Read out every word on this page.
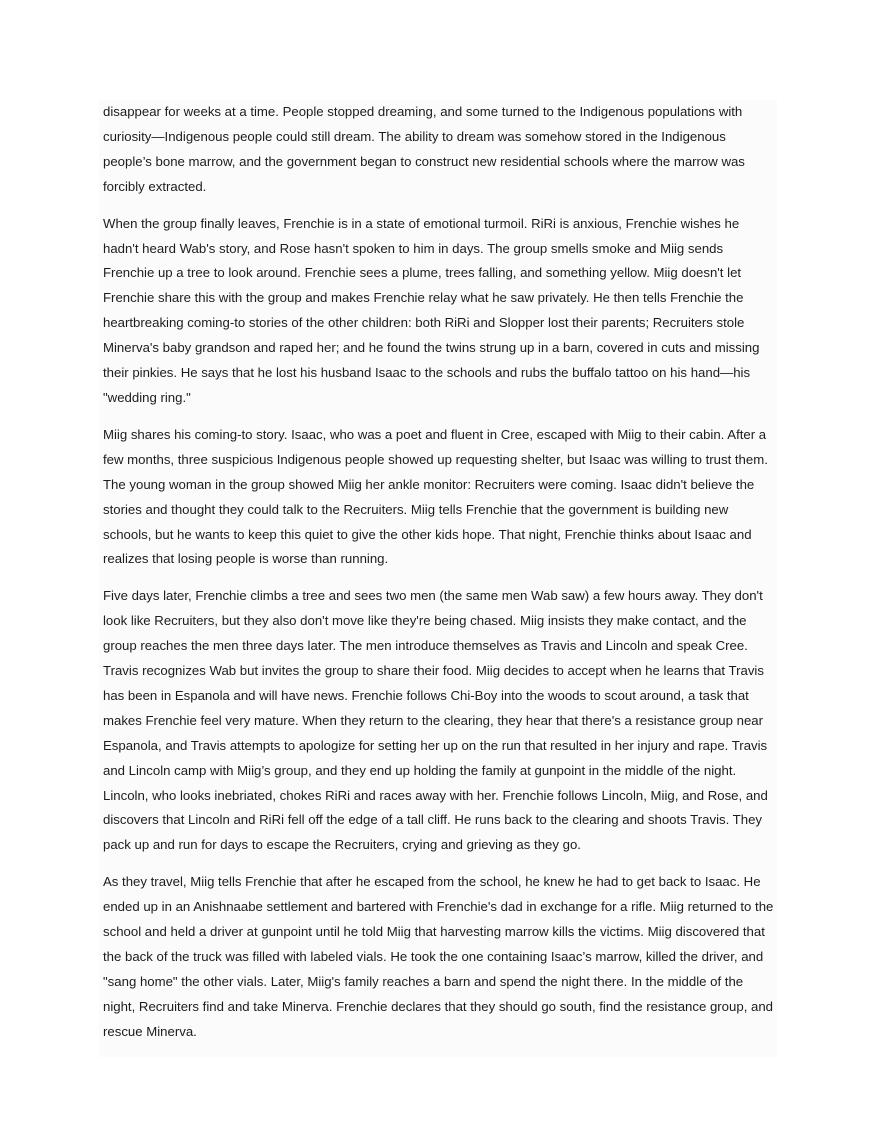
disappear for weeks at a time. People stopped dreaming, and some turned to the Indigenous populations with curiosity—Indigenous people could still dream. The ability to dream was somehow stored in the Indigenous people’s bone marrow, and the government began to construct new residential schools where the marrow was forcibly extracted.

When the group finally leaves, Frenchie is in a state of emotional turmoil. RiRi is anxious, Frenchie wishes he hadn't heard Wab's story, and Rose hasn't spoken to him in days. The group smells smoke and Miig sends Frenchie up a tree to look around. Frenchie sees a plume, trees falling, and something yellow. Miig doesn't let Frenchie share this with the group and makes Frenchie relay what he saw privately. He then tells Frenchie the heartbreaking coming-to stories of the other children: both RiRi and Slopper lost their parents; Recruiters stole Minerva's baby grandson and raped her; and he found the twins strung up in a barn, covered in cuts and missing their pinkies. He says that he lost his husband Isaac to the schools and rubs the buffalo tattoo on his hand—his "wedding ring."

Miig shares his coming-to story. Isaac, who was a poet and fluent in Cree, escaped with Miig to their cabin. After a few months, three suspicious Indigenous people showed up requesting shelter, but Isaac was willing to trust them. The young woman in the group showed Miig her ankle monitor: Recruiters were coming. Isaac didn't believe the stories and thought they could talk to the Recruiters. Miig tells Frenchie that the government is building new schools, but he wants to keep this quiet to give the other kids hope. That night, Frenchie thinks about Isaac and realizes that losing people is worse than running.

Five days later, Frenchie climbs a tree and sees two men (the same men Wab saw) a few hours away. They don't look like Recruiters, but they also don't move like they're being chased. Miig insists they make contact, and the group reaches the men three days later. The men introduce themselves as Travis and Lincoln and speak Cree. Travis recognizes Wab but invites the group to share their food. Miig decides to accept when he learns that Travis has been in Espanola and will have news. Frenchie follows Chi-Boy into the woods to scout around, a task that makes Frenchie feel very mature. When they return to the clearing, they hear that there's a resistance group near Espanola, and Travis attempts to apologize for setting her up on the run that resulted in her injury and rape. Travis and Lincoln camp with Miig’s group, and they end up holding the family at gunpoint in the middle of the night. Lincoln, who looks inebriated, chokes RiRi and races away with her. Frenchie follows Lincoln, Miig, and Rose, and discovers that Lincoln and RiRi fell off the edge of a tall cliff. He runs back to the clearing and shoots Travis. They pack up and run for days to escape the Recruiters, crying and grieving as they go.

As they travel, Miig tells Frenchie that after he escaped from the school, he knew he had to get back to Isaac. He ended up in an Anishnaabe settlement and bartered with Frenchie's dad in exchange for a rifle. Miig returned to the school and held a driver at gunpoint until he told Miig that harvesting marrow kills the victims. Miig discovered that the back of the truck was filled with labeled vials. He took the one containing Isaac’s marrow, killed the driver, and "sang home" the other vials. Later, Miig's family reaches a barn and spend the night there. In the middle of the night, Recruiters find and take Minerva. Frenchie declares that they should go south, find the resistance group, and rescue Minerva.
